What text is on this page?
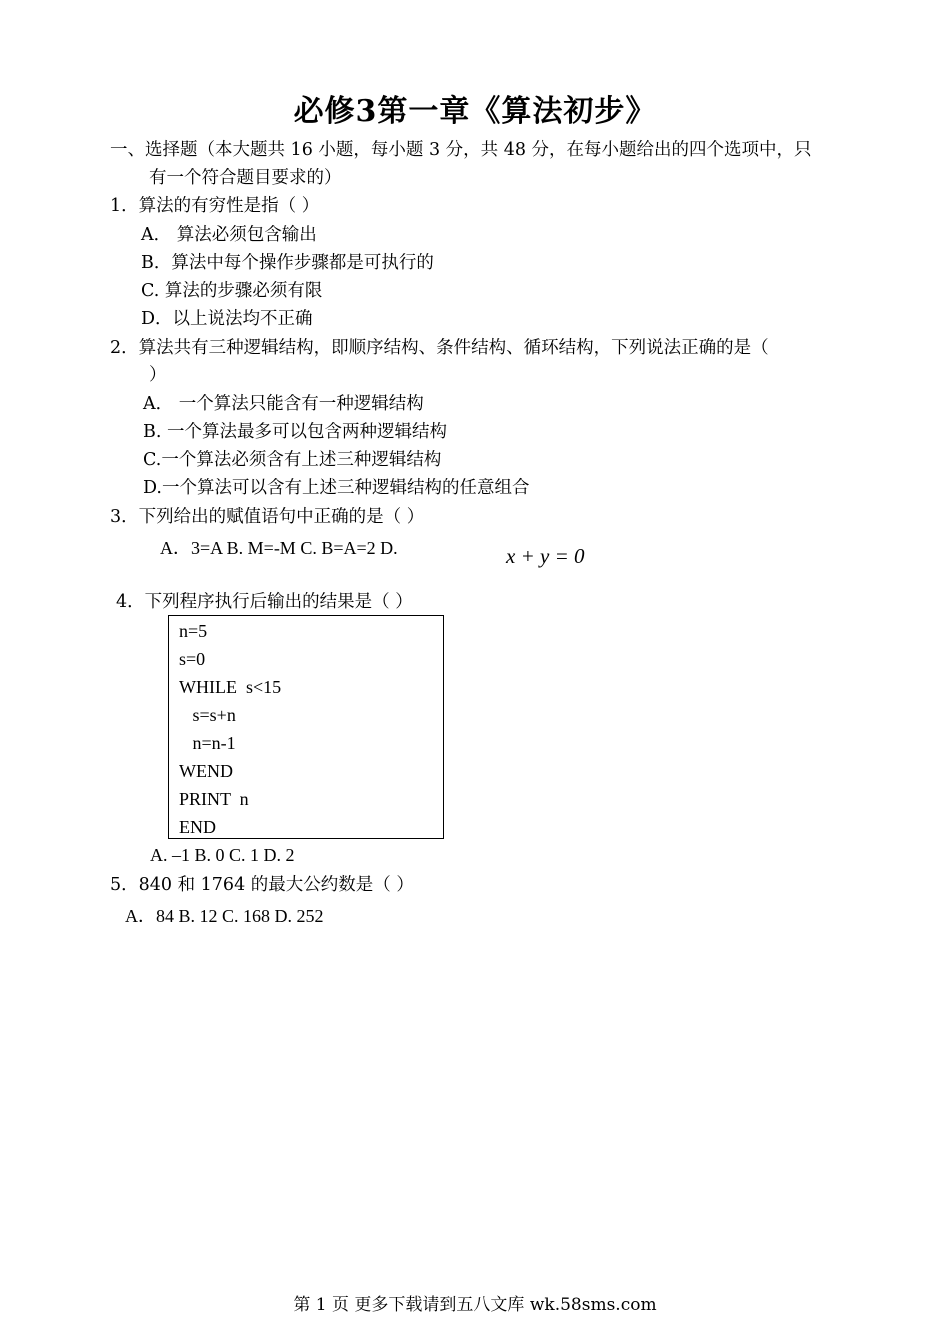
必修3第一章《算法初步》
一、选择题（本大题共 16 小题，每小题 3 分，共 48 分，在每小题给出的四个选项中，只
有一个符合题目要求的）
1．算法的有穷性是指（ ）
A． 算法必须包含输出
B．算法中每个操作步骤都是可执行的
C. 算法的步骤必须有限
D．以上说法均不正确
2．算法共有三种逻辑结构，即顺序结构、条件结构、循环结构，下列说法正确的是（
）
A． 一个算法只能含有一种逻辑结构
B. 一个算法最多可以包含两种逻辑结构
C.一个算法必须含有上述三种逻辑结构
D.一个算法可以含有上述三种逻辑结构的任意组合
3．下列给出的赋值语句中正确的是（ ）
A．3=A B. M=-M C. B=A=2 D.	x + y = 0
4．下列程序执行后输出的结果是（ ）
n=5
s=0
WHILE  s<15
s=s+n
n=n-1
WEND
PRINT  n
END
A. –1 B. 0 C. 1 D. 2
5．840 和 1764 的最大公约数是（ ）
A．84 B. 12 C. 168 D. 252
第 1 页 更多下载请到五八文库 wk.58sms.com
